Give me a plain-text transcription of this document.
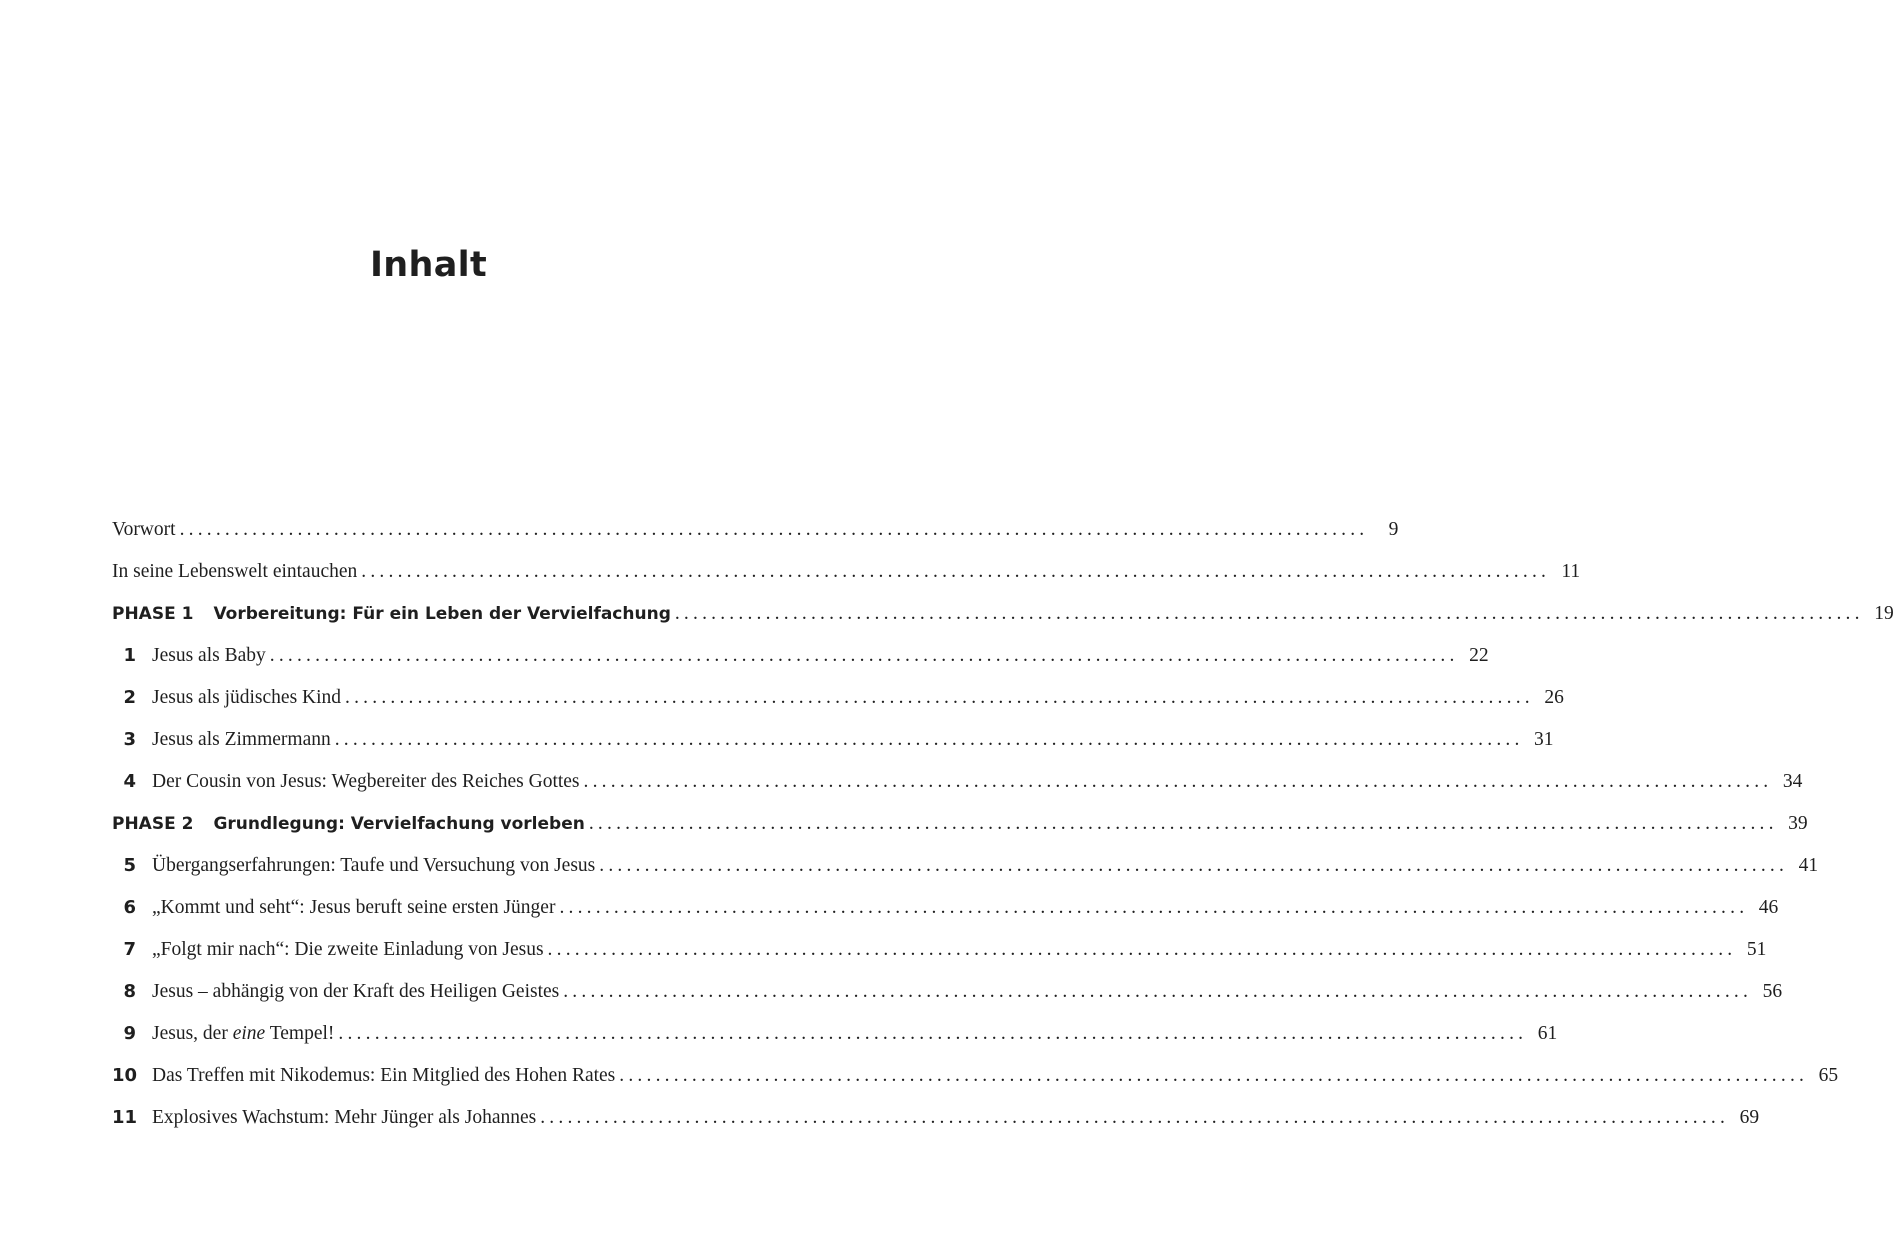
Inhalt
Vorwort ...................................................................................................................................	9
In seine Lebenswelt eintauchen ................................................................................................................................... 11
PHASE 1 Vorbereitung: Für ein Leben der Vervielfachung ................................................................................................................................... 19
1 Jesus als Baby ................................................................................................................................... 22
2 Jesus als jüdisches Kind ................................................................................................................................... 26
3 Jesus als Zimmermann ................................................................................................................................... 31
4 Der Cousin von Jesus: Wegbereiter des Reiches Gottes ................................................................................................................................... 34
PHASE 2 Grundlegung: Vervielfachung vorleben ................................................................................................................................... 39
5 Übergangserfahrungen: Taufe und Versuchung von Jesus ................................................................................................................................... 41
6 „Kommt und seht“: Jesus beruft seine ersten Jünger ................................................................................................................................... 46
7 „Folgt mir nach“: Die zweite Einladung von Jesus ................................................................................................................................... 51
8 Jesus – abhängig von der Kraft des Heiligen Geistes ................................................................................................................................... 56
9 Jesus, der eine Tempel! ................................................................................................................................... 61
10 Das Treffen mit Nikodemus: Ein Mitglied des Hohen Rates ................................................................................................................................... 65
11 Explosives Wachstum: Mehr Jünger als Johannes ................................................................................................................................... 69
